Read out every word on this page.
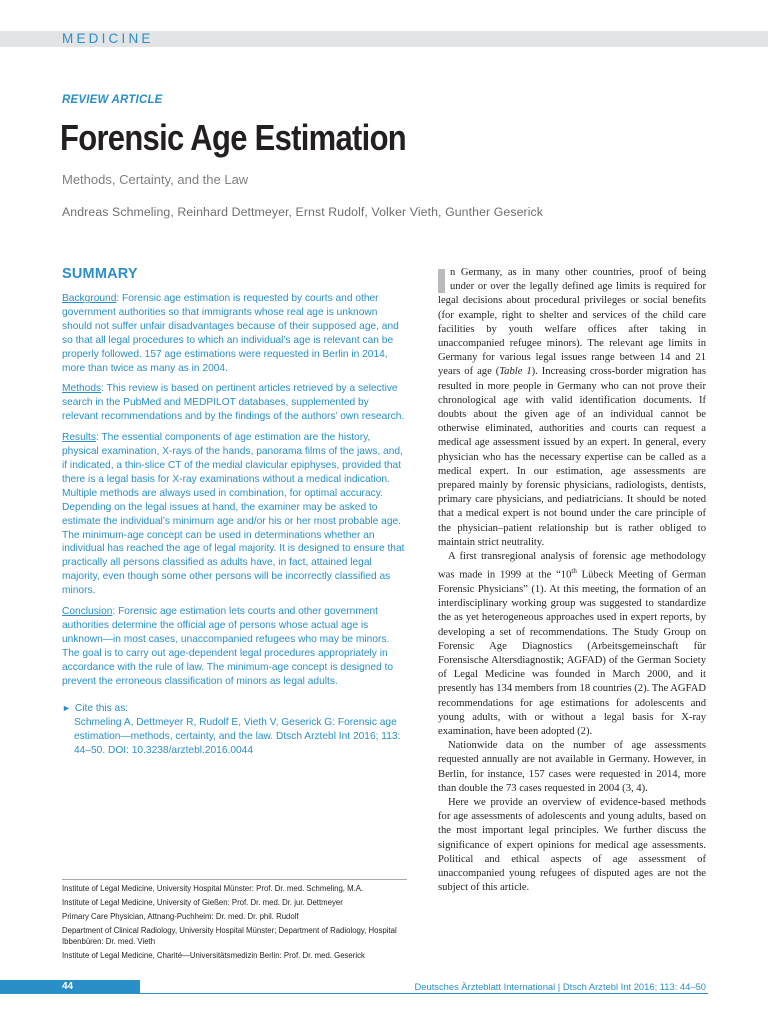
MEDICINE
REVIEW ARTICLE
Forensic Age Estimation
Methods, Certainty, and the Law
Andreas Schmeling, Reinhard Dettmeyer, Ernst Rudolf, Volker Vieth, Gunther Geserick
SUMMARY

Background: Forensic age estimation is requested by courts and other government authorities so that immigrants whose real age is unknown should not suffer unfair disadvantages because of their supposed age, and so that all legal procedures to which an individual’s age is relevant can be properly followed. 157 age estimations were requested in Berlin in 2014, more than twice as many as in 2004.

Methods: This review is based on pertinent articles retrieved by a selective search in the PubMed and MEDPILOT databases, supplemented by relevant recommendations and by the findings of the authors’ own research.

Results: The essential components of age estimation are the history, physical examination, X-rays of the hands, panorama films of the jaws, and, if indicated, a thin-slice CT of the medial clavicular epiphyses, provided that there is a legal basis for X-ray examinations without a medical indication. Multiple methods are always used in combination, for optimal accuracy. Depending on the legal issues at hand, the examiner may be asked to estimate the individual’s minimum age and/or his or her most probable age. The minimum-age concept can be used in determinations whether an individual has reached the age of legal majority. It is designed to ensure that practically all persons classified as adults have, in fact, attained legal majority, even though some other persons will be incorrectly classified as minors.

Conclusion: Forensic age estimation lets courts and other government authorities determine the official age of persons whose actual age is unknown—in most cases, unaccompanied refugees who may be minors. The goal is to carry out age-dependent legal procedures appropriately in accordance with the rule of law. The minimum-age concept is designed to prevent the erroneous classification of minors as legal adults.

► Cite this as:
Schmeling A, Dettmeyer R, Rudolf E, Vieth V, Geserick G: Forensic age estimation—methods, certainty, and the law. Dtsch Arztebl Int 2016; 113: 44–50. DOI: 10.3238/arztebl.2016.0044

Institute of Legal Medicine, University Hospital Münster: Prof. Dr. med. Schmeling, M.A.

Institute of Legal Medicine, University of Gießen: Prof. Dr. med. Dr. jur. Dettmeyer

Primary Care Physician, Attnang-Puchheim: Dr. med. Dr. phil. Rudolf

Department of Clinical Radiology, University Hospital Münster; Department of Radiology, Hospital Ibbenbüren: Dr. med. Vieth

Institute of Legal Medicine, Charité—Universitätsmedizin Berlin: Prof. Dr. med. Geserick

n Germany, as in many other countries, proof of being under or over the legally defined age limits is required for legal decisions about procedural privileges or social benefits (for example, right to shelter and services of the child care facilities by youth welfare offices after taking in unaccompanied refugee minors). The relevant age limits in Germany for various legal issues range between 14 and 21 years of age (Table 1). Increasing cross-border migration has resulted in more people in Germany who can not prove their chronological age with valid identification documents. If doubts about the given age of an individual cannot be otherwise eliminated, authorities and courts can request a medical age assessment issued by an expert. In general, every physician who has the necessary expertise can be called as a medical expert. In our estimation, age assessments are prepared mainly by forensic physicians, radiologists, dentists, primary care physicians, and pediatricians. It should be noted that a medical expert is not bound under the care principle of the physician–patient relationship but is rather obliged to maintain strict neutrality.

A first transregional analysis of forensic age methodology was made in 1999 at the “10th Lübeck Meeting of German Forensic Physicians” (1). At this meeting, the formation of an interdisciplinary working group was suggested to standardize the as yet heterogeneous approaches used in expert reports, by developing a set of recommendations. The Study Group on Forensic Age Diagnostics (Arbeitsgemeinschaft für Forensische Altersdiagnostik; AGFAD) of the German Society of Legal Medicine was founded in March 2000, and it presently has 134 members from 18 countries (2). The AGFAD recommendations for age estimations for adolescents and young adults, with or without a legal basis for X-ray examination, have been adopted (2).

Nationwide data on the number of age assessments requested annually are not available in Germany. However, in Berlin, for instance, 157 cases were requested in 2014, more than double the 73 cases requested in 2004 (3, 4).

Here we provide an overview of evidence-based methods for age assessments of adolescents and young adults, based on the most important legal principles. We further discuss the significance of expert opinions for medical age assessments. Political and ethical aspects of age assessment of unaccompanied young refugees of disputed ages are not the subject of this article.

44	Deutsches Ärzteblatt International | Dtsch Arztebl Int 2016; 113: 44–50
